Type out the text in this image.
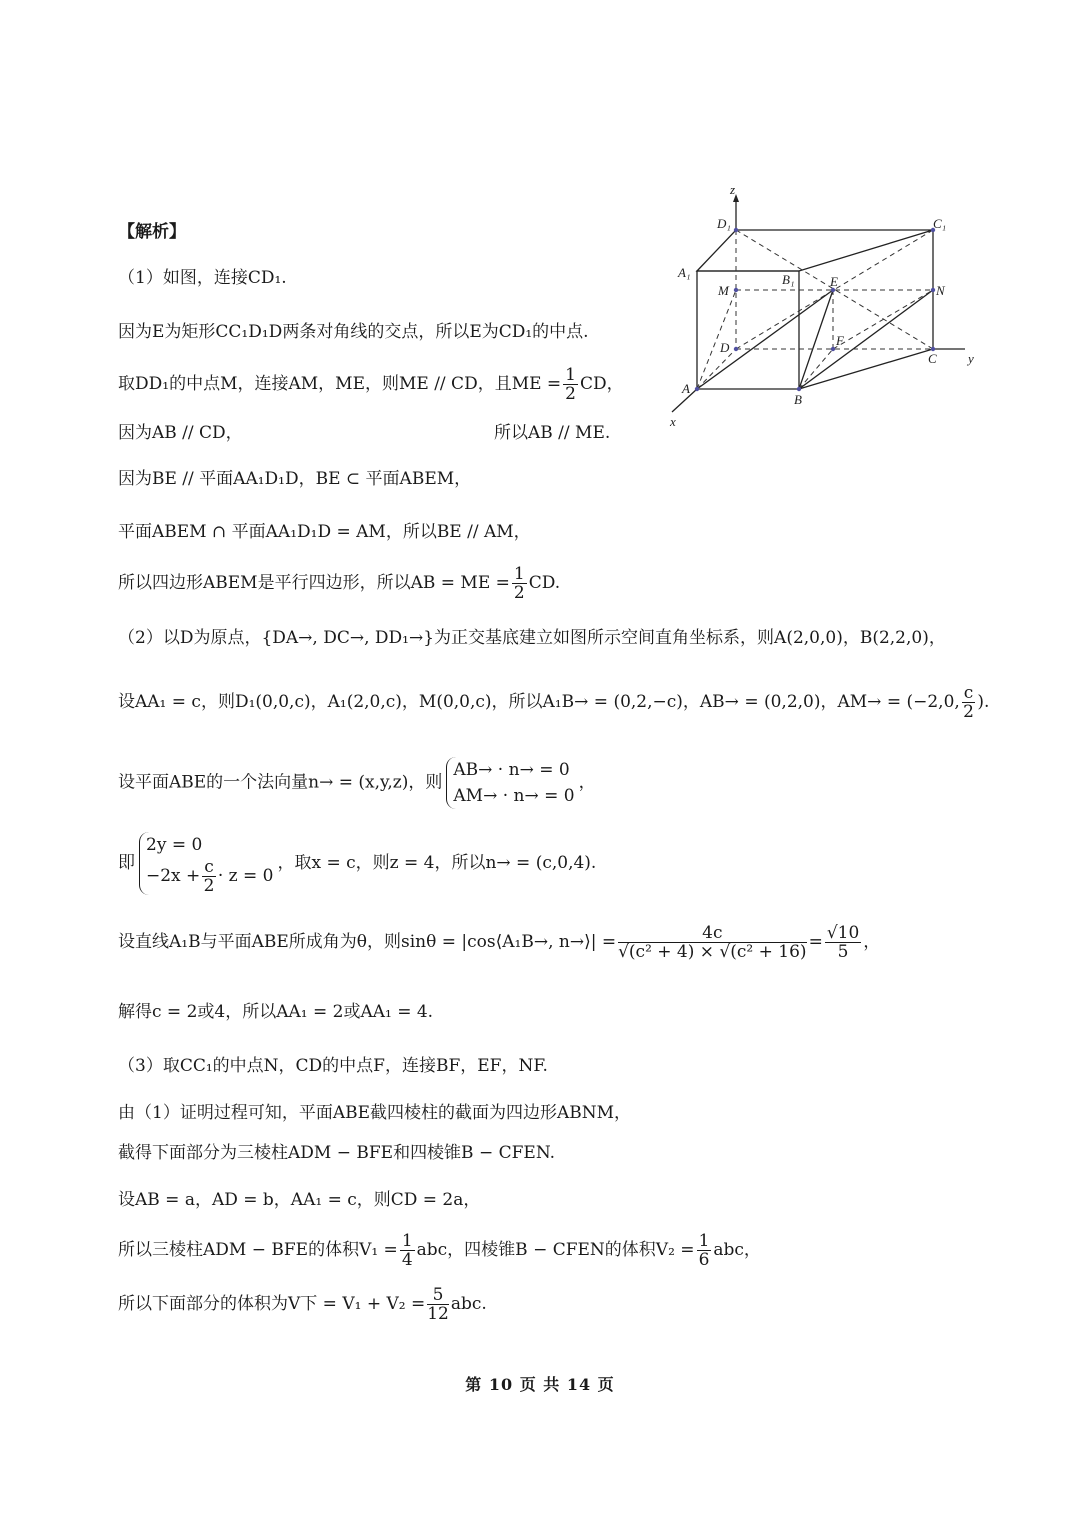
【解析】
（1）如图，连接CD₁.
因为E为矩形CC₁D₁D两条对角线的交点，所以E为CD₁的中点.
取DD₁的中点M，连接AM，ME，则ME // CD，且ME = $\frac{1}{2}$ CD，
因为AB // CD，	所以AB // ME.
因为BE // 平面AA₁D₁D，BE ⊂ 平面ABEM，
平面ABEM ∩ 平面AA₁D₁D = AM，所以BE // AM，
所以四边形ABEM是平行四边形，所以AB = ME = $\frac{1}{2}$ CD.
（2）以D为原点，{DA→, DC→, DD₁→}为正交基底建立如图所示空间直角坐标系，则A(2,0,0)，B(2,2,0)，
设AA₁ = c，则D₁(0,0,c)，A₁(2,0,c)，M(0,0,c)，所以A₁B→ = (0,2,−c)，AB→ = (0,2,0)，AM→ = (−2,0, $\frac{c}{2}$ ).
设平面ABE的一个法向量n→ = (x,y,z)，则
AB→ · n→ = 0
AM→ · n→ = 0
，
即
2y = 0
$-2x + \frac{c}{2} \cdot z = 0$
，取x = c，则z = 4，所以n→ = (c,0,4).
设直线A₁B与平面ABE所成角为θ，则sinθ = |cos⟨A₁B→, n→⟩| = $\frac{4c}{\text{√(c² + 4) × √(c² + 16)}} = \frac{√10}{5}$ ，
解得c = 2或4，所以AA₁ = 2或AA₁ = 4.
（3）取CC₁的中点N，CD的中点F，连接BF，EF，NF.
由（1）证明过程可知，平面ABE截四棱柱的截面为四边形ABNM，
截得下面部分为三棱柱ADM − BFE和四棱锥B − CFEN.
设AB = a，AD = b，AA₁ = c，则CD = 2a，
所以三棱柱ADM − BFE的体积$V_1 = \frac{1}{4}$ abc，四棱锥B − CFEN的体积$V_2 = \frac{1}{6}$ abc，
所以下面部分的体积为V下 = $V_1 + V_2 = \frac{5}{12}$ abc.
z
y
x
D₁	C₁
A₁	B₁	E
M	N
F
D
C
A
B
第 10 页 共 14 页
